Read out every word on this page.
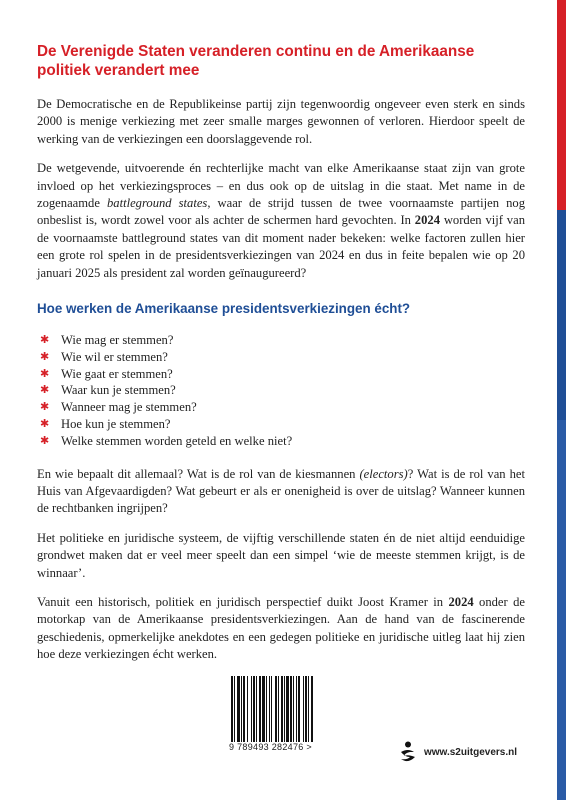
De Verenigde Staten veranderen continu en de Amerikaanse politiek verandert mee

De Democratische en de Republikeinse partij zijn tegenwoordig ongeveer even sterk en sinds 2000 is menige verkiezing met zeer smalle marges gewonnen of verloren. Hierdoor speelt de werking van de verkiezingen een doorslaggevende rol.

De wetgevende, uitvoerende én rechterlijke macht van elke Amerikaanse staat zijn van grote invloed op het verkiezingsproces – en dus ook op de uitslag in die staat. Met name in de zogenaamde battleground states, waar de strijd tussen de twee voornaamste partijen nog onbeslist is, wordt zowel voor als achter de schermen hard gevochten. In 2024 worden vijf van de voornaamste battleground states van dit moment nader bekeken: welke factoren zullen hier een grote rol spelen in de presidentsverkiezingen van 2024 en dus in feite bepalen wie op 20 januari 2025 als president zal worden geïnaugureerd?

Hoe werken de Amerikaanse presidentsverkiezingen écht?
✱ Wie mag er stemmen?
✱ Wie wil er stemmen?
✱ Wie gaat er stemmen?
✱ Waar kun je stemmen?
✱ Wanneer mag je stemmen?
✱ Hoe kun je stemmen?
✱ Welke stemmen worden geteld en welke niet?

En wie bepaalt dit allemaal? Wat is de rol van de kiesmannen (electors)? Wat is de rol van het Huis van Afgevaardigden? Wat gebeurt er als er onenigheid is over de uitslag? Wanneer kunnen de rechtbanken ingrijpen?

Het politieke en juridische systeem, de vijftig verschillende staten én de niet altijd eenduidige grondwet maken dat er veel meer speelt dan een simpel ‘wie de meeste stemmen krijgt, is de winnaar’.

Vanuit een historisch, politiek en juridisch perspectief duikt Joost Kramer in 2024 onder de motorkap van de Amerikaanse presidentsverkiezingen. Aan de hand van de fascinerende geschiedenis, opmerkelijke anekdotes en een gedegen politieke en juridische uitleg laat hij zien hoe deze verkiezingen écht werken.

9 789493 282476 >	www.s2uitgevers.nl
